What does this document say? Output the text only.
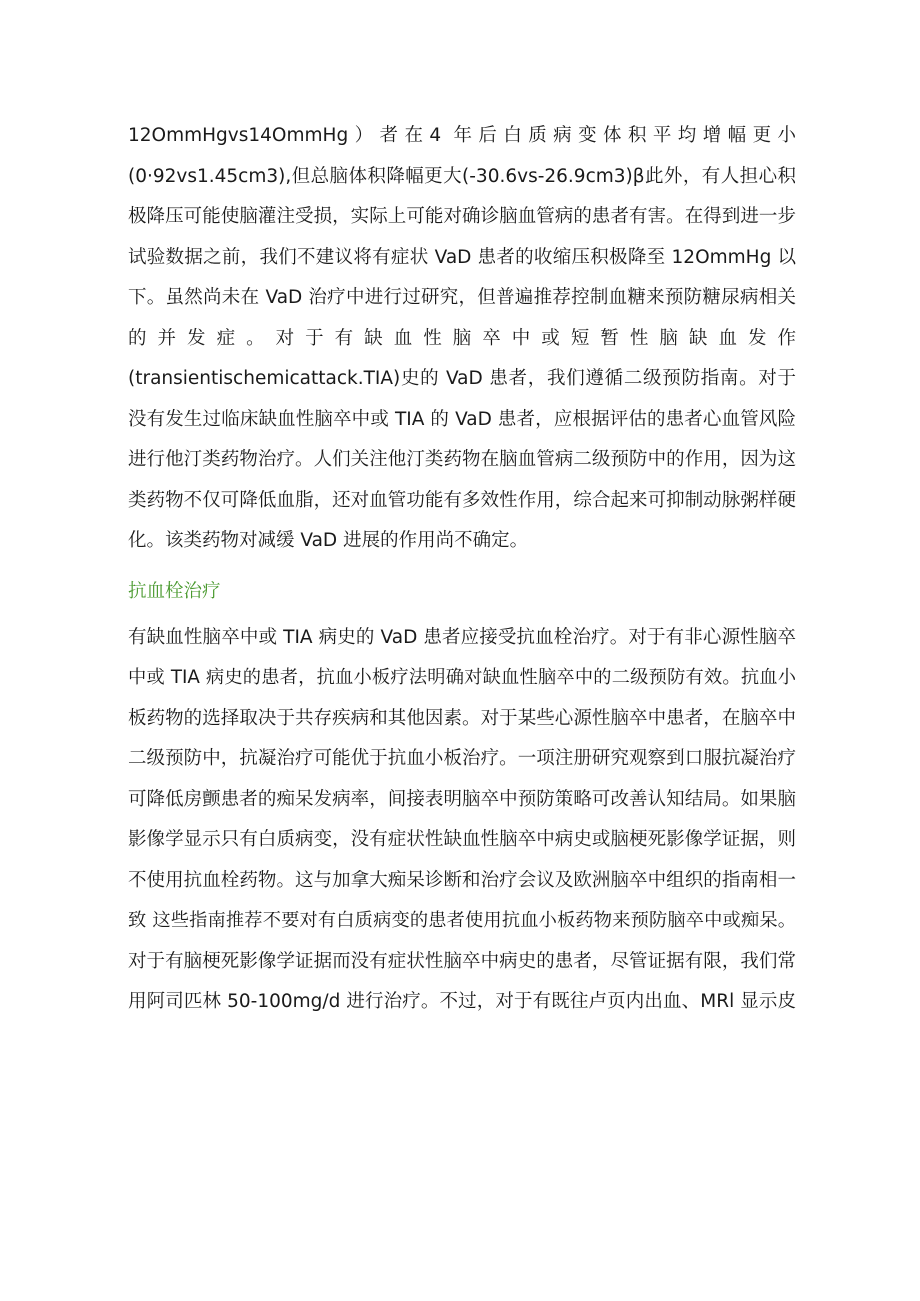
12OmmHgvs14OmmHg）者在4 年后白质病变体积平均增幅更小

(0·92vs1.45cm3),但总脑体积降幅更大(-30.6vs-26.9cm3)β此外，有人担心积

极降压可能使脑灌注受损，实际上可能对确诊脑血管病的患者有害。在得到进一步

试验数据之前，我们不建议将有症状 VaD 患者的收缩压积极降至 12OmmHg 以

下。虽然尚未在 VaD 治疗中进行过研究，但普遍推荐控制血糖来预防糖尿病相关

的并发症。对于有缺血性脑卒中或短暂性脑缺血发作

(transientischemicattack.TIA)史的 VaD 患者，我们遵循二级预防指南。对于

没有发生过临床缺血性脑卒中或 TIA 的 VaD 患者，应根据评估的患者心血管风险

进行他汀类药物治疗。人们关注他汀类药物在脑血管病二级预防中的作用，因为这

类药物不仅可降低血脂，还对血管功能有多效性作用，综合起来可抑制动脉粥样硬

化。该类药物对减缓 VaD 进展的作用尚不确定。

抗血栓治疗

有缺血性脑卒中或 TIA 病史的 VaD 患者应接受抗血栓治疗。对于有非心源性脑卒

中或 TIA 病史的患者，抗血小板疗法明确对缺血性脑卒中的二级预防有效。抗血小

板药物的选择取决于共存疾病和其他因素。对于某些心源性脑卒中患者，在脑卒中

二级预防中，抗凝治疗可能优于抗血小板治疗。一项注册研究观察到口服抗凝治疗

可降低房颤患者的痴呆发病率，间接表明脑卒中预防策略可改善认知结局。如果脑

影像学显示只有白质病变，没有症状性缺血性脑卒中病史或脑梗死影像学证据，则

不使用抗血栓药物。这与加拿大痴呆诊断和治疗会议及欧洲脑卒中组织的指南相一

致 这些指南推荐不要对有白质病变的患者使用抗血小板药物来预防脑卒中或痴呆。

对于有脑梗死影像学证据而没有症状性脑卒中病史的患者，尽管证据有限，我们常

用阿司匹林 50-100mg∕d 进行治疗。不过，对于有既往卢页内出血、MRl 显示皮
